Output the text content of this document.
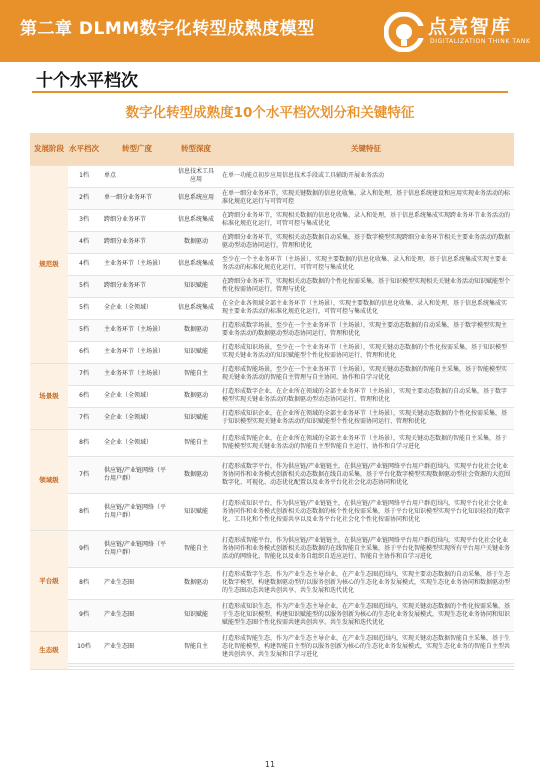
第二章 DLMM数字化转型成熟度模型	点亮智库
DIGITALIZATION THINK TANK
十个水平档次
数字化转型成熟度10个水平档次划分和关键特征
发展阶段	水平档次	转型广度	转型深度	关键特征
规范级	1档	单点	信息技术工具应用	在单一功能点初步应用信息技术手段或工具辅助开展业务活动
	2档	单一细分业务环节	信息系统应用	在单一细分业务环节，实现关键数据的信息化收集、录入和处理，基于信息系统建设和应用实现业务活动的标准化规范化运行与可管可控
	3档	跨细分业务环节	信息系统集成	在跨细分业务环节，实现相关数据的信息化收集、录入和处理，基于信息系统集成实现跨业务环节业务活动的标准化规范化运行，可管可控与集成优化
	4档	跨细分业务环节	数据驱动	在跨细分业务环节，实现相关动态数据自动采集，基于数字模型实现跨细分业务环节相关主要业务活动的数据驱动型动态协同运行，管理和优化
	4档	主业务环节（主场景）	信息系统集成	至少在一个主业务环节（主场景），实现主要数据的信息化收集、录入和处理，基于信息系统集成实现主要业务活动的标准化规范化运行，可管可控与集成优化
	5档	跨细分业务环节	知识赋能	在跨细分业务环节，实现相关动态数据的个性化按需采集，基于知识模型实现相关关键业务活动知识赋能型个性化按需协同运行，管理与优化
	5档	全企业（全领域）	信息系统集成	在全企业各领域全部主业务环节（主场景），实现主要数据的信息化收集、录入和处理，基于信息系统集成实现主要业务活动的标准化规范化运行，可管可控与集成优化
	5档	主业务环节（主场景）	数据驱动	打造形成数字场景，至少在一个主业务环节（主场景），实现主要动态数据的自动采集，基于数字模型实现主要业务活动的数据驱动型动态协同运行、管理和优化
	6档	主业务环节（主场景）	知识赋能	打造形成知识场景，至少在一个主业务环节（主场景），实现关键动态数据的个性化按需采集，基于知识模型实现关键业务活动的知识赋能型个性化按需协同运行、管理和优化
场景级	7档	主业务环节（主场景）	智能自主	打造形成智能场景，至少在一个主业务环节（主场景），实现关键动态数据的智能自主采集，基于智能模型实现关键业务活动的智能自主管理与自主协同、协作和自学习优化
	6档	全企业（全领域）	数据驱动	打造形成数字企业，在企业所在领域的全部主业务环节（主场景），实现主要动态数据的自动采集，基于数字模型实现关键业务活动的数据驱动型动态协同运行、管理和优化
	7档	全企业（全领域）	知识赋能	打造形成知识企业，在企业所在领域的全部主业务环节（主场景），实现关键动态数据的个性化按需采集，基于知识模型实现关键业务活动的知识赋能型个性化按需协同运行、管理和优化
领域级	8档	全企业（全领域）	智能自主	打造形成智能企业，在企业所在领域的全部主业务环节（主场景），实现关键动态数据的智能自主采集，基于智能模型实现关键业务活动的智能自主型智能自主运行、协作和自学习进化
	7档	供应链/产业链网络（平台用户群）	数据驱动	打造形成数字平台，作为供应链/产业链链主，在供应链/产业链网络平台用户群范围内，实现平台化社会化业务协同作和业务模式创新相关动态数据在线自动采集，基于平台化数字模型实现数据驱动型社会资源的大范围数字化、可视化、动态优化配置以及业务平台化社会化动态协同和优化
	8档	供应链/产业链网络（平台用户群）	知识赋能	打造形成知识平台，作为供应链/产业链链主，在供应链/产业链网络平台用户群范围内，实现平台化社会化业务协同作和业务模式创新相关动态数据的核个性化按需采集，基于平台化知识模型实现平台化知识轻投的数字化、工具化和个性化按需共享以及业务平台化社会化个性化按需协同和优化
平台级	9档	供应链/产业链网络（平台用户群）	智能自主	打造形成智能平台，作为供应链/产业链链主，在供应链/产业链网络平台用户群范围内，实现平台化社会化业务协同作和业务模式创新相关动态数据的在线智能自主采集，基于平台化智能模型实现所有平台用户关键业务活动的网络化、智能化以及业务自组织自适应运行、智能自主协作和自学习进化
	8档	产业生态圈	数据驱动	打造形成数字生态，作为产业生态主导企业，在产业生态圈范围内，实现主要动态数据的自动采集，基于生态化数字模型，构建数据驱动型的以服务创新为核心的生态化业务发展模式，实现生态化业务协同和数据驱动型的生态圈动态共建共创共享、共生发展和迭代优化
	9档	产业生态圈	知识赋能	打造形成知识生态，作为产业生态主导企业，在产业生态圈范围内，实现关键动态数据的个性化按需采集，基于生态化知识模型，构建知识赋能型的以服务创新为核心的生态化业务发展模式，实现生态化业务协同和知识赋能型生态圈个性化按需共建共创共享、共生发展和迭代优化
生态级	10档	产业生态圈	智能自主	打造形成智能生态，作为产业生态主导企业，在产业生态圈范围内，实现关键动态数据智能自主采集，基于生态化智能模型，构建智能自主型的以服务创新为核心的生态化业务发展模式，实现生态化业务的智能自主型共建共创共享、共生发展和自学习进化

11
